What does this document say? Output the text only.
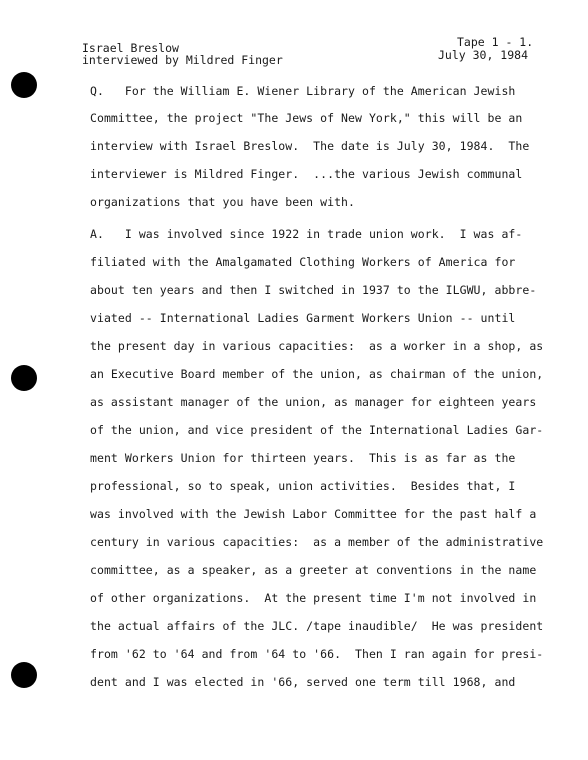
Israel Breslow
interviewed by Mildred Finger
Tape 1 - 1.
July 30, 1984
Q.   For the William E. Wiener Library of the American Jewish
Committee, the project "The Jews of New York," this will be an
interview with Israel Breslow.  The date is July 30, 1984.  The
interviewer is Mildred Finger.  ...the various Jewish communal
organizations that you have been with.
A.   I was involved since 1922 in trade union work.  I was af-
filiated with the Amalgamated Clothing Workers of America for
about ten years and then I switched in 1937 to the ILGWU, abbre-
viated -- International Ladies Garment Workers Union -- until
the present day in various capacities:  as a worker in a shop, as
an Executive Board member of the union, as chairman of the union,
as assistant manager of the union, as manager for eighteen years
of the union, and vice president of the International Ladies Gar-
ment Workers Union for thirteen years.  This is as far as the
professional, so to speak, union activities.  Besides that, I
was involved with the Jewish Labor Committee for the past half a
century in various capacities:  as a member of the administrative
committee, as a speaker, as a greeter at conventions in the name
of other organizations.  At the present time I'm not involved in
the actual affairs of the JLC. /tape inaudible/  He was president
from '62 to '64 and from '64 to '66.  Then I ran again for presi-
dent and I was elected in '66, served one term till 1968, and
